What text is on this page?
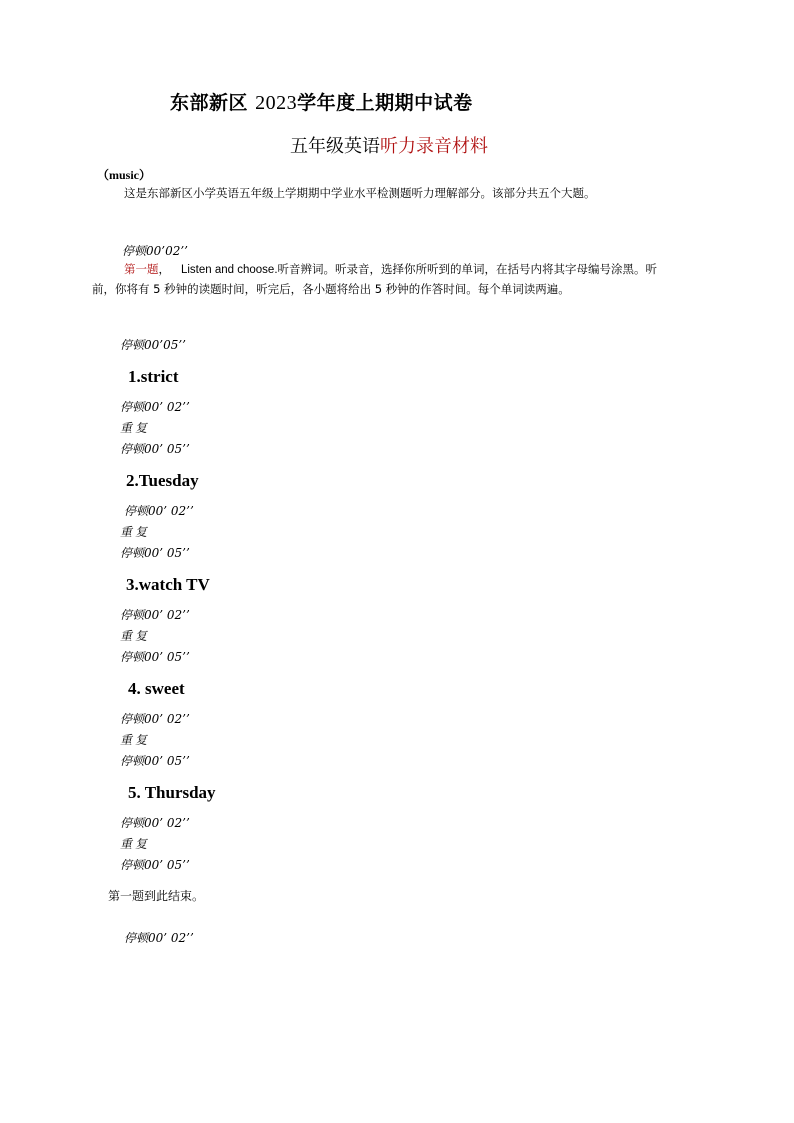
东部新区 2023学年度上期期中试卷
五年级英语听力录音材料
（music）
这是东部新区小学英语五年级上学期期中学业水平检测题听力理解部分。该部分共五个大题。
停顿00’02’’
第一题， Listen and choose.听音辨词。听录音，选择你所听到的单词，在括号内将其字母编号涂黑。听前，你将有 5 秒钟的读题时间，听完后，各小题将给出 5 秒钟的作答时间。每个单词读两遍。
停顿00’05’’
1.strict
停顿00’ 02’’
重复
停顿00’ 05’’
2.Tuesday
停顿00’ 02’’
重复
停顿00’ 05’’
3.watch TV
停顿00’ 02’’
重复
停顿00’ 05’’
4. sweet
停顿00’ 02’’
重复
停顿00’ 05’’
5. Thursday
停顿00’ 02’’
重复
停顿00’ 05’’
第一题到此结束。
停顿00’ 02’’
